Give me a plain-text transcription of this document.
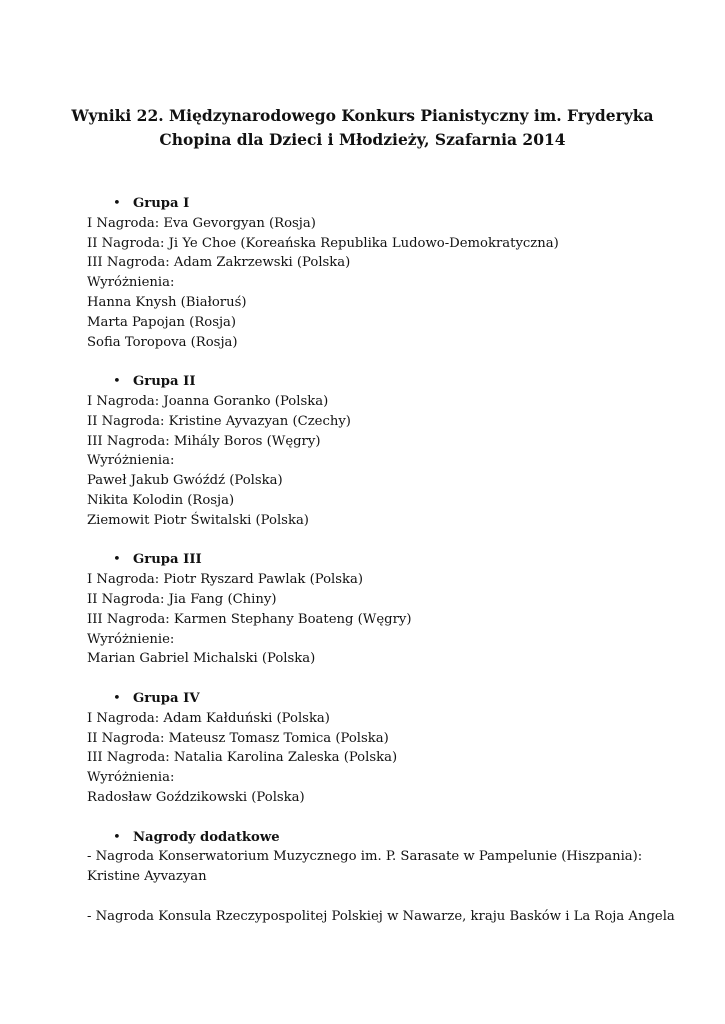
Wyniki 22. Międzynarodowego Konkurs Pianistyczny im. Fryderyka
Chopina dla Dzieci i Młodzieży, Szafarnia 2014
• Grupa I
I Nagroda: Eva Gevorgyan (Rosja)
II Nagroda: Ji Ye Choe (Koreańska Republika Ludowo-Demokratyczna)
III Nagroda: Adam Zakrzewski (Polska)
Wyróżnienia:
Hanna Knysh (Białoruś)
Marta Papojan (Rosja)
Sofia Toropova (Rosja)
• Grupa II
I Nagroda: Joanna Goranko (Polska)
II Nagroda: Kristine Ayvazyan (Czechy)
III Nagroda: Mihály Boros (Węgry)
Wyróżnienia:
Paweł Jakub Gwóźdź (Polska)
Nikita Kolodin (Rosja)
Ziemowit Piotr Świtalski (Polska)
• Grupa III
I Nagroda: Piotr Ryszard Pawlak (Polska)
II Nagroda: Jia Fang (Chiny)
III Nagroda: Karmen Stephany Boateng (Węgry)
Wyróżnienie:
Marian Gabriel Michalski (Polska)
• Grupa IV
I Nagroda: Adam Kałduński (Polska)
II Nagroda: Mateusz Tomasz Tomica (Polska)
III Nagroda: Natalia Karolina Zaleska (Polska)
Wyróżnienia:
Radosław Goździkowski (Polska)
• Nagrody dodatkowe
- Nagroda Konserwatorium Muzycznego im. P. Sarasate w Pampelunie (Hiszpania):
Kristine Ayvazyan
- Nagroda Konsula Rzeczypospolitej Polskiej w Nawarze, kraju Basków i La Roja Angela
